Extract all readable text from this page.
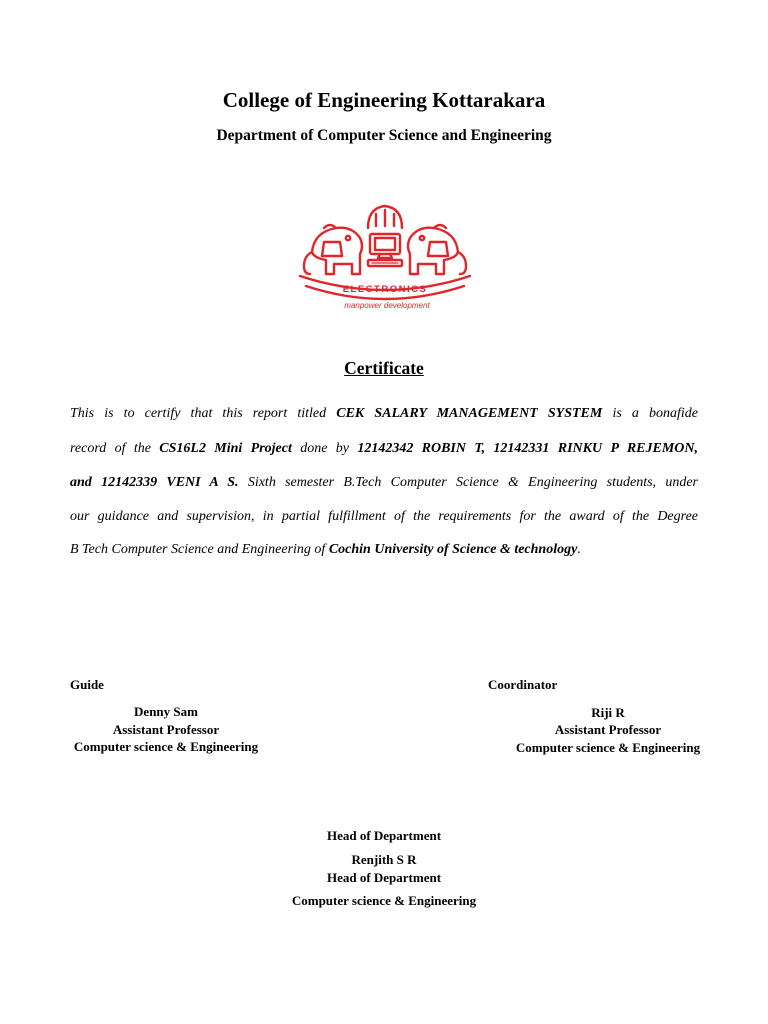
College of Engineering Kottarakara
Department of Computer Science and Engineering
ELECTRONICS
manpower development
Certificate
This is to certify that this report titled CEK SALARY MANAGEMENT SYSTEM is a bonafide
record of the CS16L2 Mini Project done by 12142342 ROBIN T, 12142331 RINKU P REJEMON,
and 12142339 VENI A S. Sixth semester B.Tech Computer Science & Engineering students, under
our guidance and supervision, in partial fulfillment of the requirements for the award of the Degree
B Tech Computer Science and Engineering of Cochin University of Science & technology.
Guide
Denny Sam
Assistant Professor
Computer science & Engineering
Coordinator
Riji R
Assistant Professor
Computer science & Engineering
Head of Department
Renjith S R
Head of Department
Computer science & Engineering
